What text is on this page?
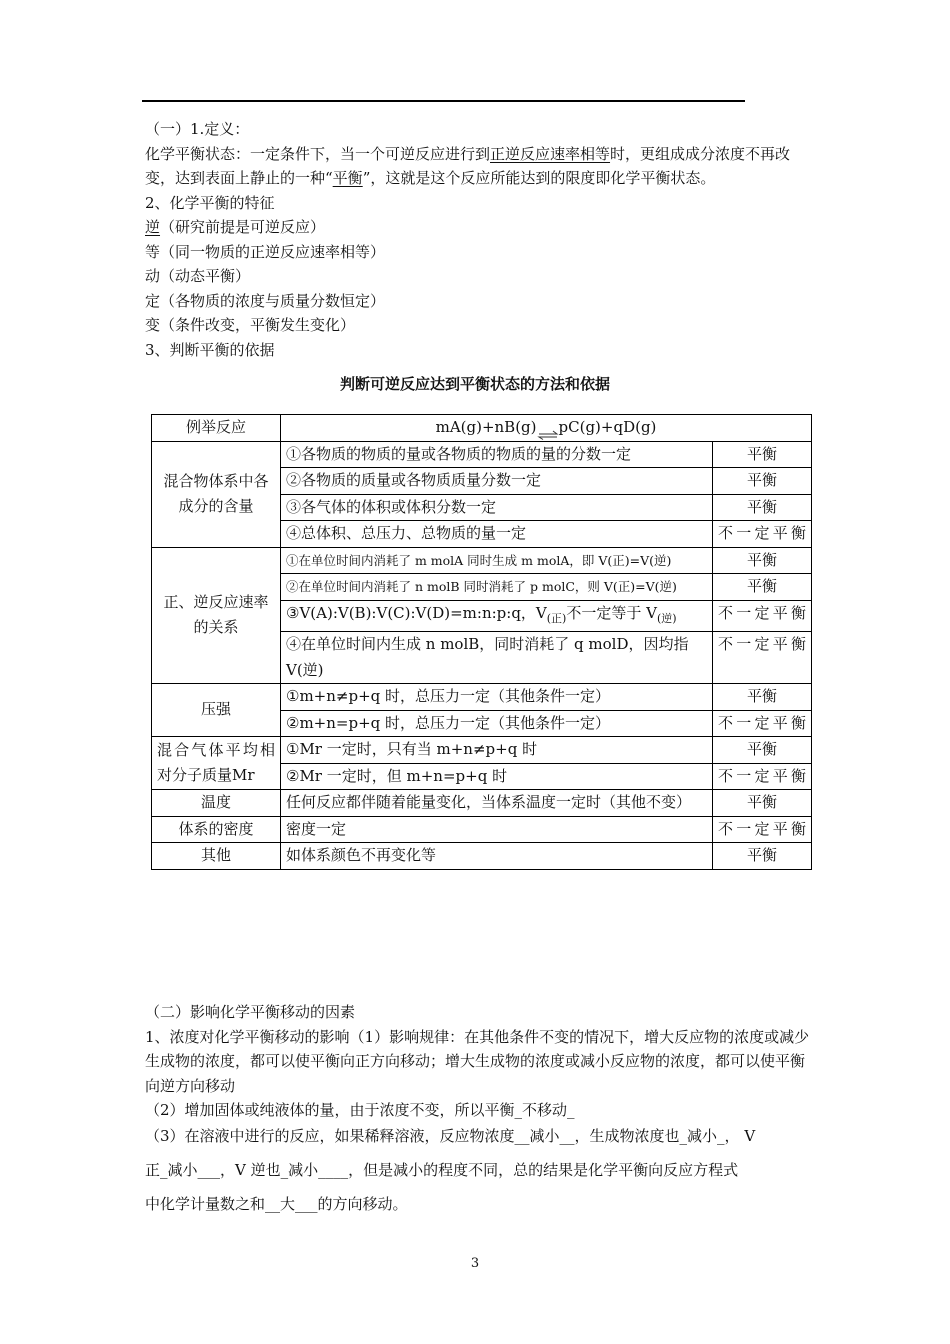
（一）1.定义：
化学平衡状态：一定条件下，当一个可逆反应进行到正逆反应速率相等时，更组成成分浓度不再改变，达到表面上静止的一种“平衡”，这就是这个反应所能达到的限度即化学平衡状态。
2、化学平衡的特征
逆（研究前提是可逆反应）
等（同一物质的正逆反应速率相等）
动（动态平衡）
定（各物质的浓度与质量分数恒定）
变（条件改变，平衡发生变化）
3、判断平衡的依据
判断可逆反应达到平衡状态的方法和依据
例举反应	mA(g)+nB(g)⇌pC(g)+qD(g)	
混合物体系中各成分的含量	①各物质的物质的量或各物质的物质的量的分数一定	平衡
	②各物质的质量或各物质质量分数一定	平衡
	③各气体的体积或体积分数一定	平衡
	④总体积、总压力、总物质的量一定	不一定平衡
正、逆反应速率的关系	①在单位时间内消耗了 m molA 同时生成 m molA，即 V(正)=V(逆)	平衡
	②在单位时间内消耗了 n molB 同时消耗了 p molC，则 V(正)=V(逆)	平衡
	③V(A):V(B):V(C):V(D)=m:n:p:q，$V_{(正)}$不一定等于 $V_{(逆)}$	不一定平衡
	④在单位时间内生成 n molB，同时消耗了 q molD，因均指 V(逆)	不一定平衡
压强	①m+n≠p+q 时，总压力一定（其他条件一定）	平衡
	②m+n=p+q 时，总压力一定（其他条件一定）	不一定平衡
混合气体平均相对分子质量Mr	①Mr 一定时，只有当 m+n≠p+q 时	平衡
	②Mr 一定时，但 m+n=p+q 时	不一定平衡
温度	任何反应都伴随着能量变化，当体系温度一定时（其他不变）	平衡
体系的密度	密度一定	不一定平衡
其他	如体系颜色不再变化等	平衡
（二）影响化学平衡移动的因素
1、浓度对化学平衡移动的影响（1）影响规律：在其他条件不变的情况下，增大反应物的浓度或减少生成物的浓度，都可以使平衡向正方向移动；增大生成物的浓度或减小反应物的浓度，都可以使平衡向逆方向移动
（2）增加固体或纯液体的量，由于浓度不变，所以平衡_不移动_
（3）在溶液中进行的反应，如果稀释溶液，反应物浓度__减小__，生成物浓度也_减小_， V
正_减小___，V 逆也_减小____，但是减小的程度不同，总的结果是化学平衡向反应方程式
中化学计量数之和__大___的方向移动。
3
